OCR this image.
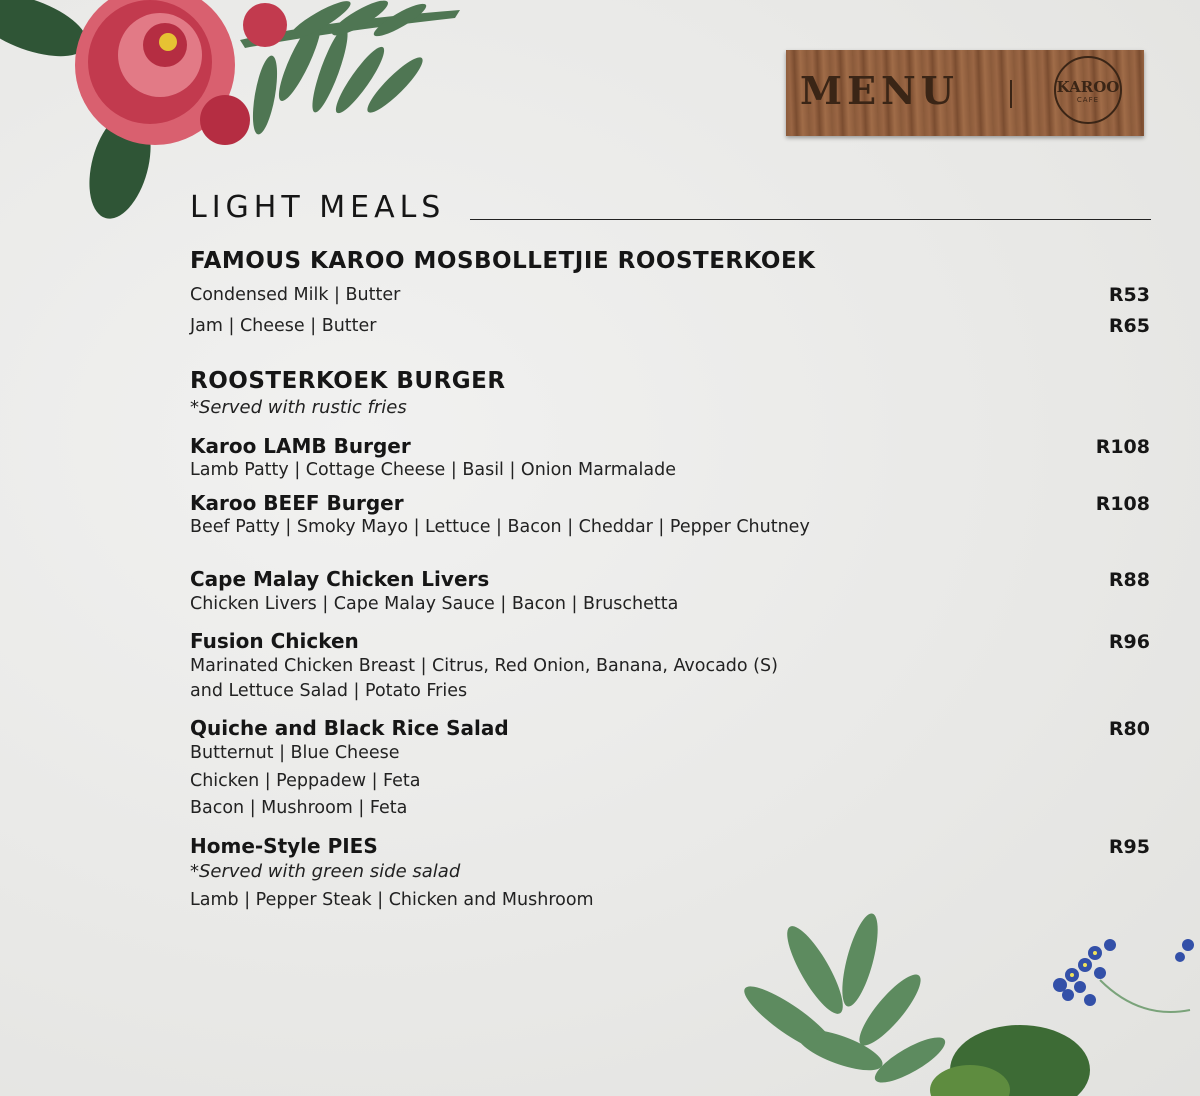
MENU	KAROO
CAFE
LIGHT MEALS
FAMOUS KAROO MOSBOLLETJIE ROOSTERKOEK
Condensed Milk | Butter	R53
Jam | Cheese | Butter	R65
ROOSTERKOEK BURGER
*Served with rustic fries
Karoo LAMB Burger	R108
Lamb Patty | Cottage Cheese | Basil | Onion Marmalade
Karoo BEEF Burger	R108
Beef Patty | Smoky Mayo | Lettuce | Bacon | Cheddar | Pepper Chutney
Cape Malay Chicken Livers	R88
Chicken Livers | Cape Malay Sauce | Bacon | Bruschetta
Fusion Chicken	R96
Marinated Chicken Breast | Citrus, Red Onion, Banana, Avocado (S)
and Lettuce Salad | Potato Fries
Quiche and Black Rice Salad	R80
Butternut | Blue Cheese
Chicken | Peppadew | Feta
Bacon | Mushroom | Feta
Home-Style PIES	R95
*Served with green side salad
Lamb | Pepper Steak | Chicken and Mushroom
